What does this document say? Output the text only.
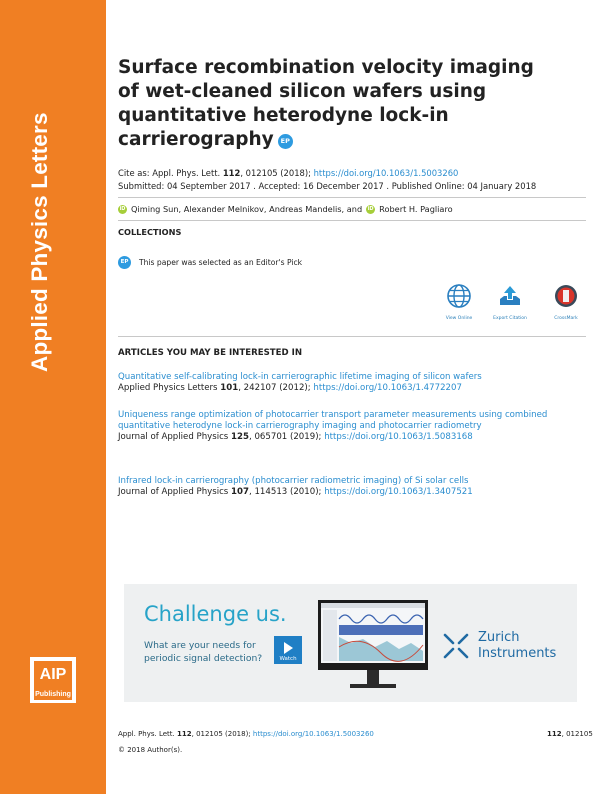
Applied Physics Letters
AIP
Publishing
Surface recombination velocity imaging of wet-cleaned silicon wafers using quantitative heterodyne lock-in carrierography EP
Cite as: Appl. Phys. Lett. 112, 012105 (2018); https://doi.org/10.1063/1.5003260
Submitted: 04 September 2017 . Accepted: 16 December 2017 . Published Online: 04 January 2018
iD Qiming Sun, Alexander Melnikov, Andreas Mandelis, and	iD Robert H. Pagliaro
COLLECTIONS
EP	This paper was selected as an Editor's Pick
View Online	Export Citation	CrossMark
ARTICLES YOU MAY BE INTERESTED IN
Quantitative self-calibrating lock-in carrierographic lifetime imaging of silicon wafers
Applied Physics Letters 101, 242107 (2012); https://doi.org/10.1063/1.4772207
Uniqueness range optimization of photocarrier transport parameter measurements using combined quantitative heterodyne lock-in carrierography imaging and photocarrier radiometry
Journal of Applied Physics 125, 065701 (2019); https://doi.org/10.1063/1.5083168
Infrared lock-in carrierography (photocarrier radiometric imaging) of Si solar cells
Journal of Applied Physics 107, 114513 (2010); https://doi.org/10.1063/1.3407521
Challenge us.
What are your needs for periodic signal detection?	Watch
Zurich
Instruments
Appl. Phys. Lett. 112, 012105 (2018); https://doi.org/10.1063/1.5003260	112, 012105
© 2018 Author(s).
